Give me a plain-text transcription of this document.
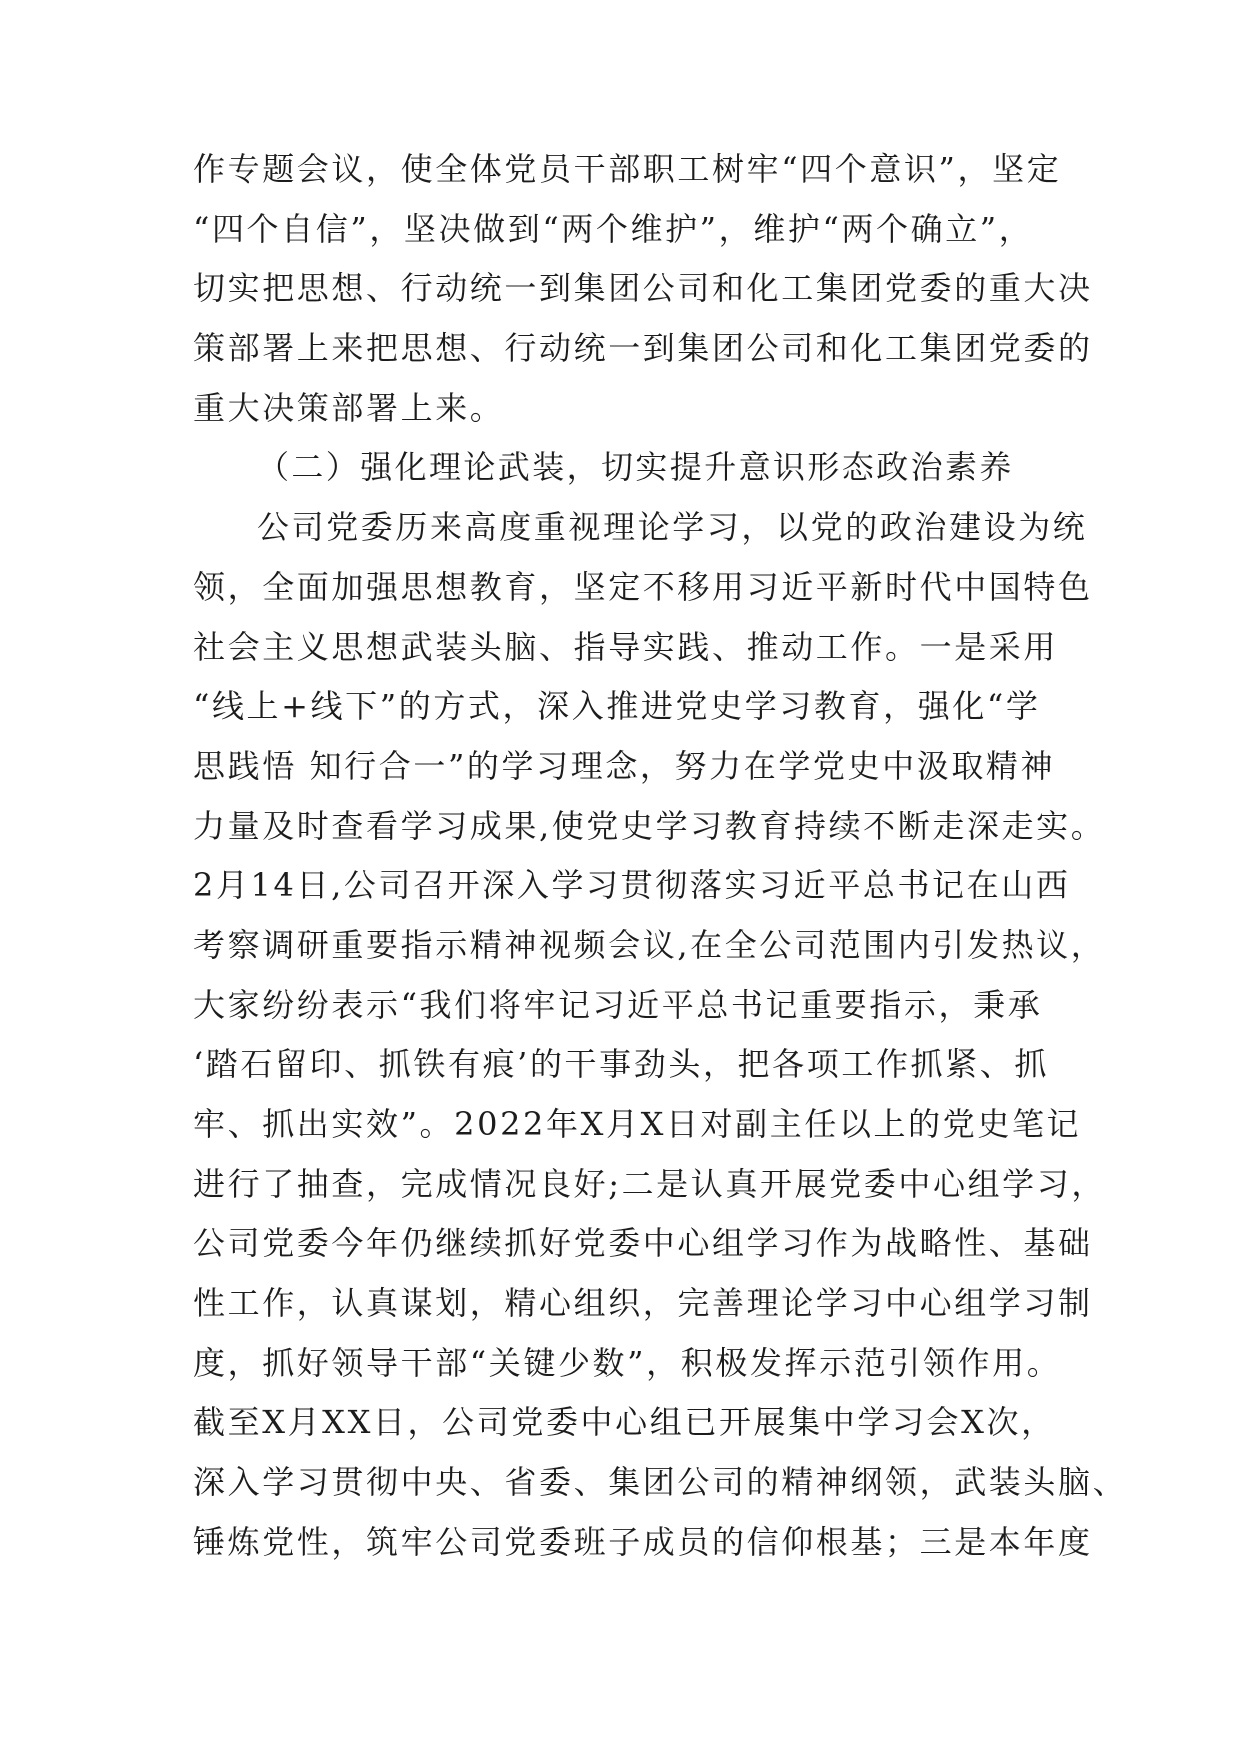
作专题会议，使全体党员干部职工树牢“四个意识”，坚定
“四个自信”，坚决做到“两个维护”，维护“两个确立”，
切实把思想、行动统一到集团公司和化工集团党委的重大决
策部署上来把思想、行动统一到集团公司和化工集团党委的
重大决策部署上来。
（二）强化理论武装，切实提升意识形态政治素养
公司党委历来高度重视理论学习，以党的政治建设为统
领，全面加强思想教育，坚定不移用习近平新时代中国特色
社会主义思想武装头脑、指导实践、推动工作。一是采用
“线上+线下”的方式，深入推进党史学习教育，强化“学
思践悟 知行合一”的学习理念，努力在学党史中汲取精神
力量及时查看学习成果,使党史学习教育持续不断走深走实。
2月14日,公司召开深入学习贯彻落实习近平总书记在山西
考察调研重要指示精神视频会议,在全公司范围内引发热议，
大家纷纷表示“我们将牢记习近平总书记重要指示，秉承
‘踏石留印、抓铁有痕’的干事劲头，把各项工作抓紧、抓
牢、抓出实效”。2022年X月X日对副主任以上的党史笔记
进行了抽查，完成情况良好;二是认真开展党委中心组学习，
公司党委今年仍继续抓好党委中心组学习作为战略性、基础
性工作，认真谋划，精心组织，完善理论学习中心组学习制
度，抓好领导干部“关键少数”，积极发挥示范引领作用。
截至X月XX日，公司党委中心组已开展集中学习会X次，
深入学习贯彻中央、省委、集团公司的精神纲领，武装头脑、
锤炼党性，筑牢公司党委班子成员的信仰根基；三是本年度
